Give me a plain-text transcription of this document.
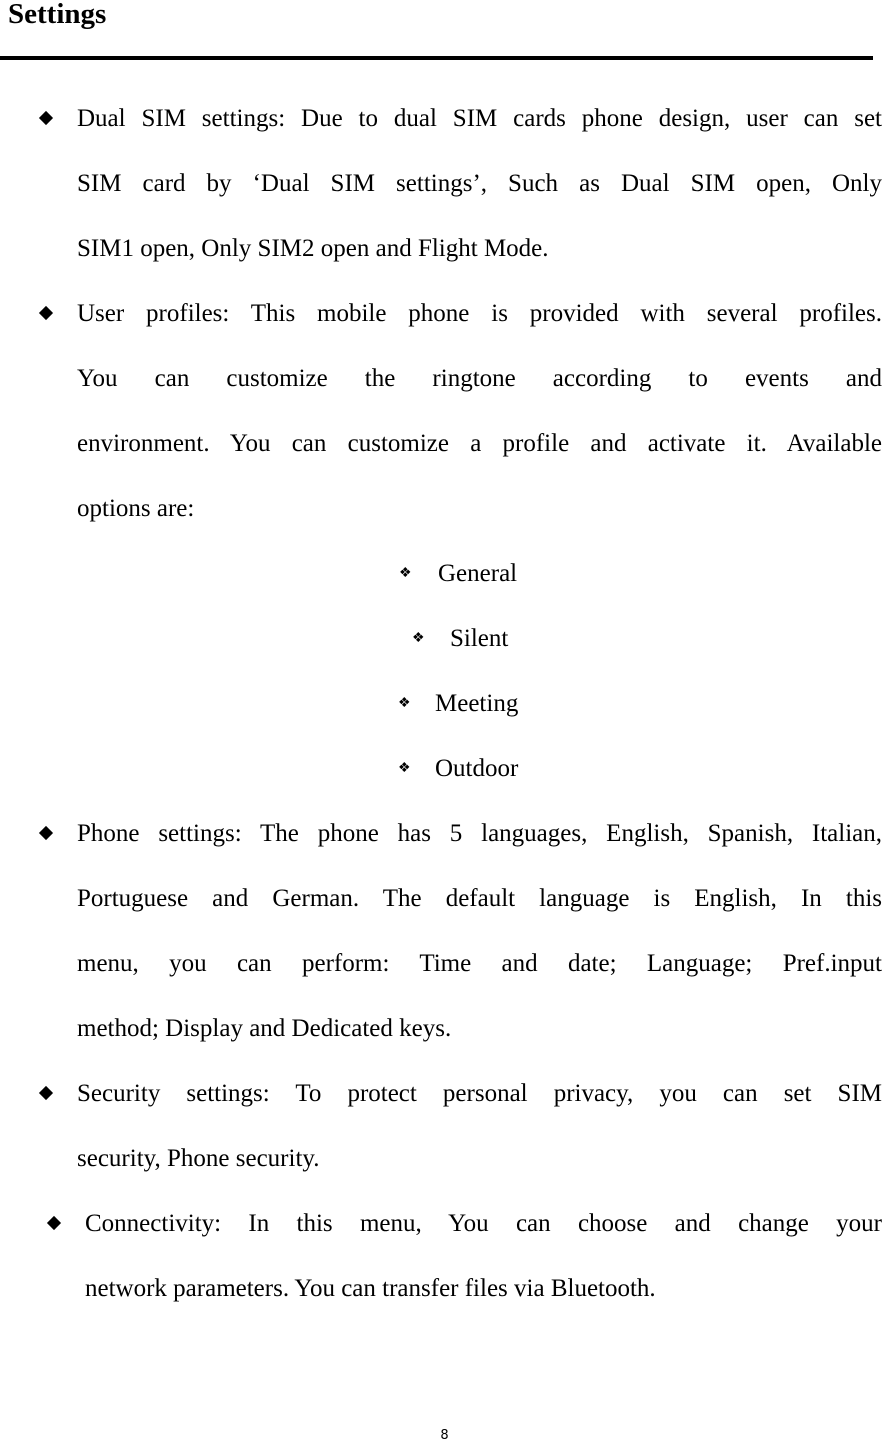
Settings
Dual SIM settings: Due to dual SIM cards phone design, user can set
SIM card by ‘Dual SIM settings’, Such as Dual SIM open, Only
SIM1 open, Only SIM2 open and Flight Mode.
User profiles: This mobile phone is provided with several profiles.
You can customize the ringtone according to events and
environment. You can customize a profile and activate it. Available
options are:
❖ General
❖ Silent
❖ Meeting
❖ Outdoor
Phone settings: The phone has 5 languages, English, Spanish, Italian,
Portuguese and German. The default language is English, In this
menu, you can perform: Time and date; Language; Pref.input
method; Display and Dedicated keys.
Security settings: To protect personal privacy, you can set SIM
security, Phone security.
Connectivity: In this menu, You can choose and change your
network parameters. You can transfer files via Bluetooth.
8
